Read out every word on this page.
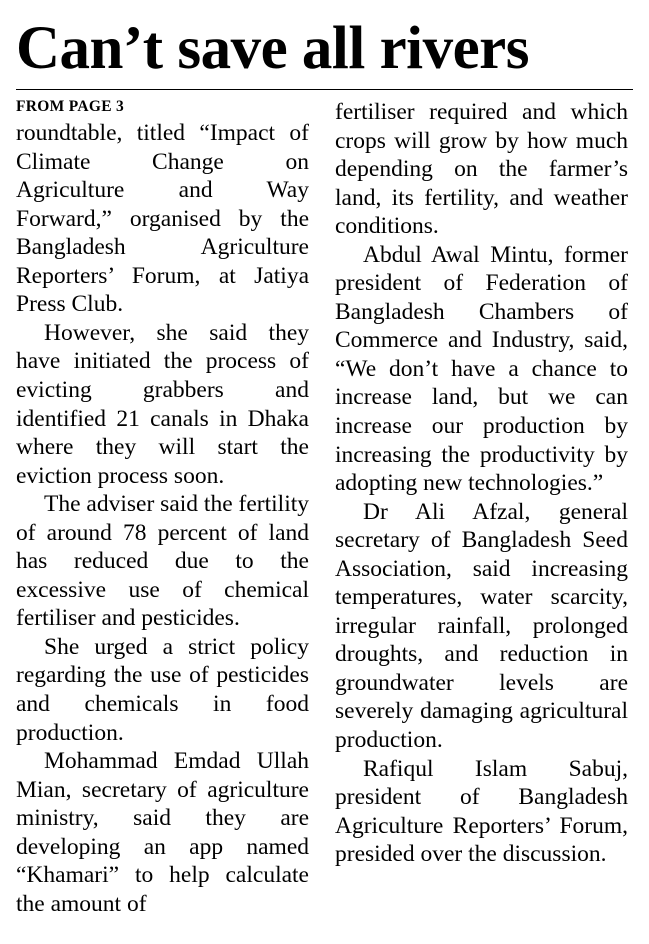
Can’t save all rivers
FROM PAGE 3

roundtable, titled “Impact of Climate Change on Agriculture and Way Forward,” organised by the Bangladesh Agriculture Reporters’ Forum, at Jatiya Press Club.

However, she said they have initiated the process of evicting grabbers and identified 21 canals in Dhaka where they will start the eviction process soon.

The adviser said the fertility of around 78 percent of land has reduced due to the excessive use of chemical fertiliser and pesticides.

She urged a strict policy regarding the use of pesticides and chemicals in food production.

Mohammad Emdad Ullah Mian, secretary of agriculture ministry, said they are developing an app named “Khamari” to help calculate the amount of

fertiliser required and which crops will grow by how much depending on the farmer’s land, its fertility, and weather conditions.

Abdul Awal Mintu, former president of Federation of Bangladesh Chambers of Commerce and Industry, said, “We don’t have a chance to increase land, but we can increase our production by increasing the productivity by adopting new technologies.”

Dr Ali Afzal, general secretary of Bangladesh Seed Association, said increasing temperatures, water scarcity, irregular rainfall, prolonged droughts, and reduction in groundwater levels are severely damaging agricultural production.

Rafiqul Islam Sabuj, president of Bangladesh Agriculture Reporters’ Forum, presided over the discussion.
